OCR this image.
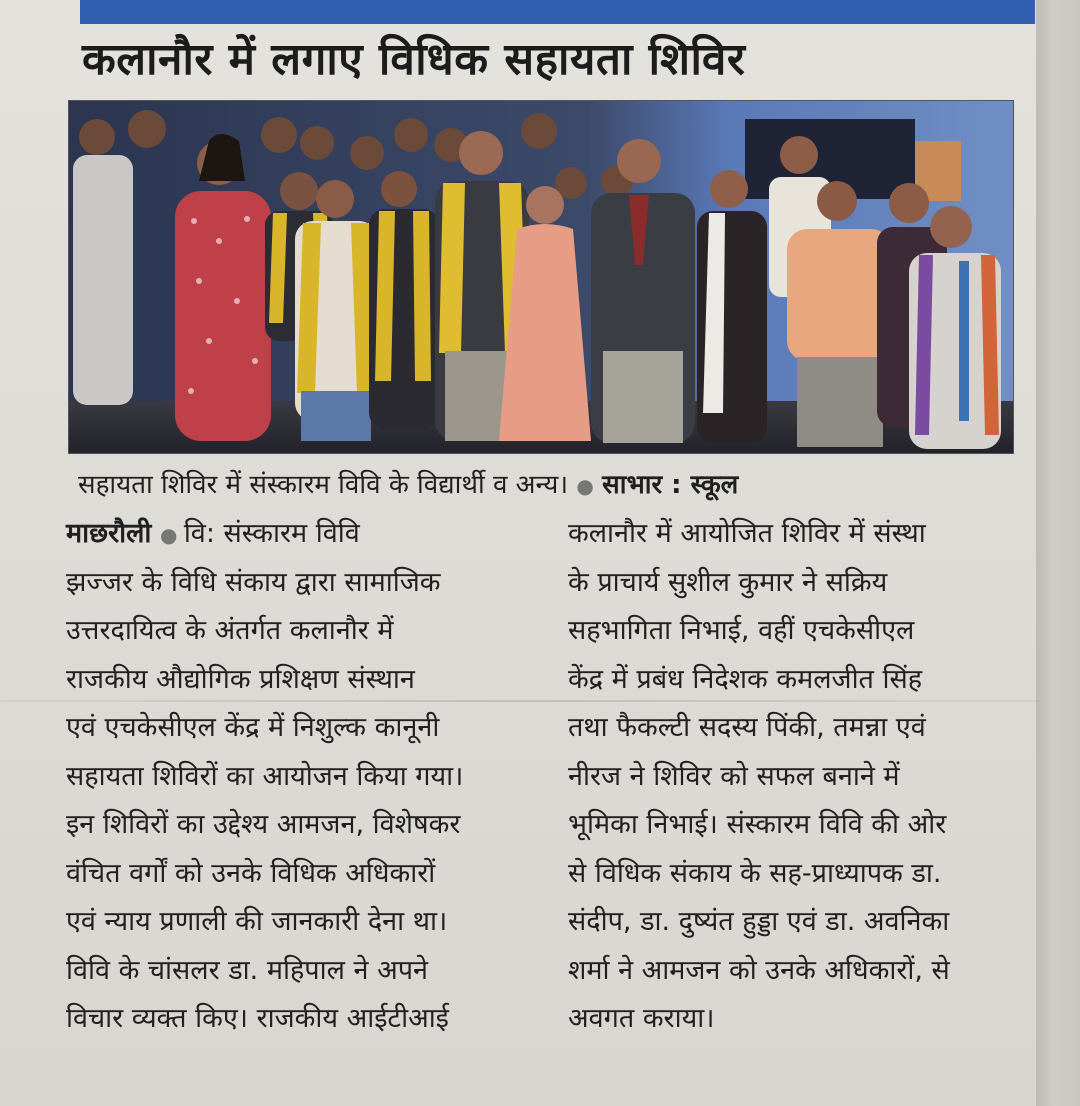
कलानौर में लगाए विधिक सहायता शिविर
सहायता शिविर में संस्कारम विवि के विद्यार्थी व अन्य। ● साभार : स्कूल
माछरौली ● वि: संस्कारम विवि
झज्जर के विधि संकाय द्वारा सामाजिक
उत्तरदायित्व के अंतर्गत कलानौर में
राजकीय औद्योगिक प्रशिक्षण संस्थान
एवं एचकेसीएल केंद्र में निशुल्क कानूनी
सहायता शिविरों का आयोजन किया गया।
इन शिविरों का उद्देश्य आमजन, विशेषकर
वंचित वर्गों को उनके विधिक अधिकारों
एवं न्याय प्रणाली की जानकारी देना था।
विवि के चांसलर डा. महिपाल ने अपने
विचार व्यक्त किए। राजकीय आईटीआई
कलानौर में आयोजित शिविर में संस्था
के प्राचार्य सुशील कुमार ने सक्रिय
सहभागिता निभाई, वहीं एचकेसीएल
केंद्र में प्रबंध निदेशक कमलजीत सिंह
तथा फैकल्टी सदस्य पिंकी, तमन्ना एवं
नीरज ने शिविर को सफल बनाने में
भूमिका निभाई। संस्कारम विवि की ओर
से विधिक संकाय के सह-प्राध्यापक डा.
संदीप, डा. दुष्यंत हुड्डा एवं डा. अवनिका
शर्मा ने आमजन को उनके अधिकारों, से
अवगत कराया।
